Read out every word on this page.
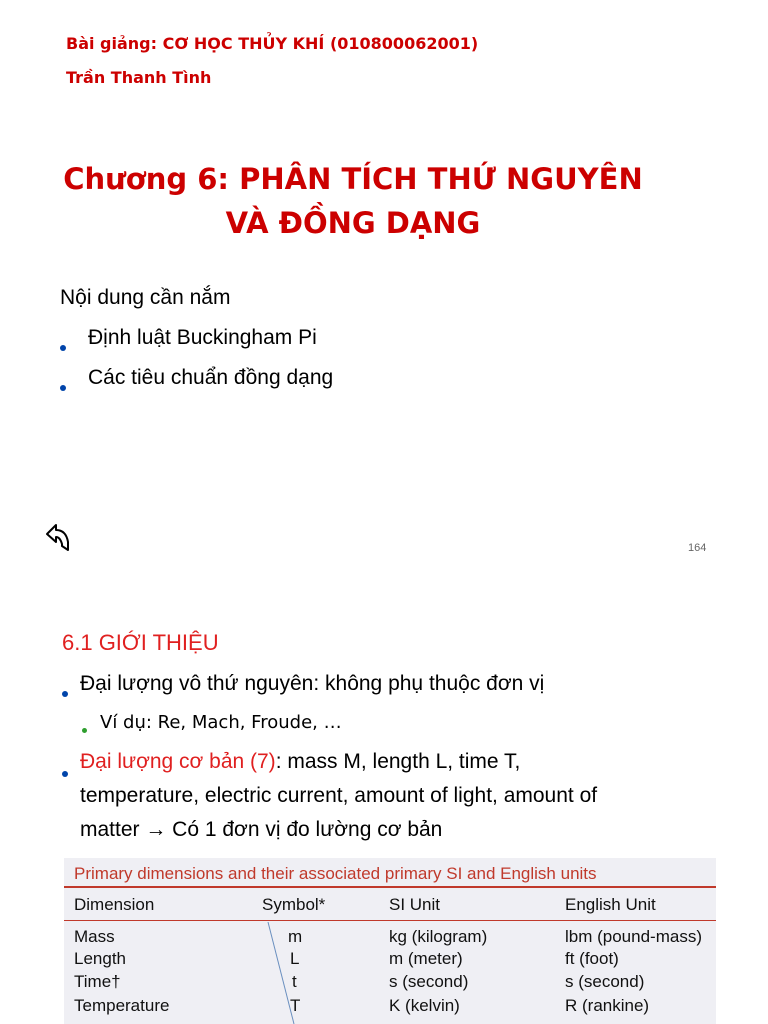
Bài giảng: CƠ HỌC THỦY KHÍ (010800062001)
Trần Thanh Tình
Chương 6: PHÂN TÍCH THỨ NGUYÊN
VÀ ĐỒNG DẠNG
Nội dung cần nắm
Định luật Buckingham Pi
Các tiêu chuẩn đồng dạng
164
6.1 GIỚI THIỆU
Đại lượng vô thứ nguyên: không phụ thuộc đơn vị
Ví dụ: Re, Mach, Froude, …
Đại lượng cơ bản (7): mass M, length L, time T,
temperature, electric current, amount of light, amount of
matter → Có 1 đơn vị đo lường cơ bản
Primary dimensions and their associated primary SI and English units
Dimension	Symbol*	SI Unit	English Unit
Mass	m	kg (kilogram)	lbm (pound-mass)
Length	L	m (meter)	ft (foot)
Time†	t	s (second)	s (second)
Temperature	T	K (kelvin)	R (rankine)
